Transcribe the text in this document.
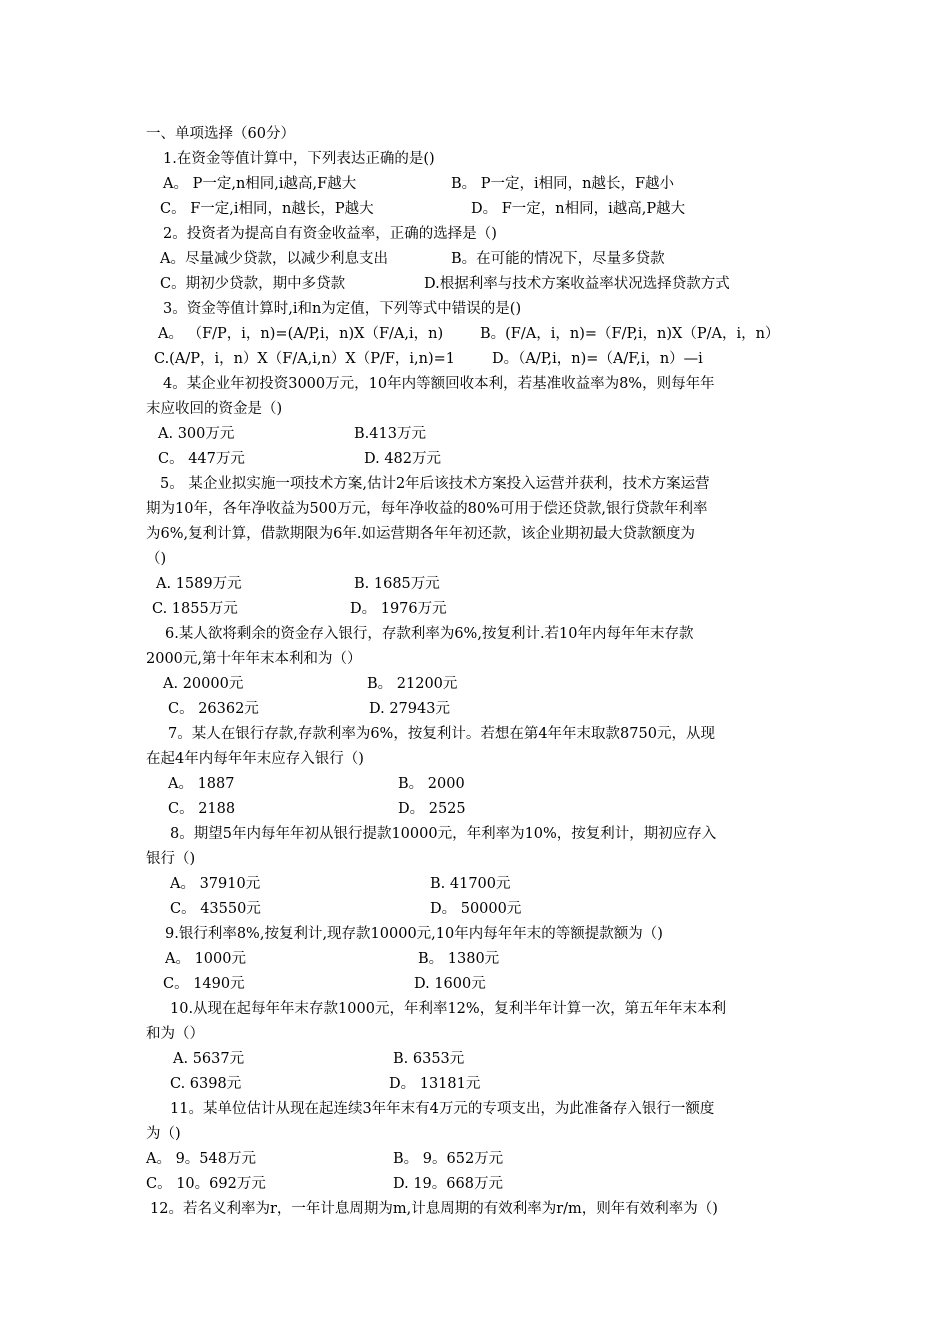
一、单项选择（60分）
1.在资金等值计算中，下列表达正确的是()
A。 P一定,n相同,i越高,F越大	B。 P一定，i相同，n越长，F越小
C。 F一定,i相同，n越长，P越大	D。 F一定，n相同，i越高,P越大
2。投资者为提高自有资金收益率，正确的选择是（)
A。尽量减少贷款，以减少利息支出	B。在可能的情况下，尽量多贷款
C。期初少贷款，期中多贷款	D.根据利率与技术方案收益率状况选择贷款方式
3。资金等值计算时,i和n为定值，下列等式中错误的是()
A。 （F/P，i，n)=(A/P,i，n)X（F/A,i，n)	B。(F/A，i，n)=（F/P,i，n)X（P/A，i，n）
C.(A/P，i，n）X（F/A,i,n）X（P/F，i,n)=1	D。（A/P,i，n)=（A/F,i，n）—i
4。某企业年初投资3000万元，10年内等额回收本利，若基准收益率为8%，则每年年
末应收回的资金是（)
A. 300万元	B.413万元
C。 447万元	D. 482万元
5。 某企业拟实施一项技术方案,估计2年后该技术方案投入运营并获利，技术方案运营
期为10年，各年净收益为500万元，每年净收益的80%可用于偿还贷款,银行贷款年利率
为6%,复利计算，借款期限为6年.如运营期各年年初还款，该企业期初最大贷款额度为
（)
A. 1589万元	B. 1685万元
C. 1855万元	D。 1976万元
6.某人欲将剩余的资金存入银行，存款利率为6%,按复利计.若10年内每年年末存款
2000元,第十年年末本利和为（）
A. 20000元	B。 21200元
C。 26362元	D. 27943元
7。某人在银行存款,存款利率为6%，按复利计。若想在第4年年末取款8750元，从现
在起4年内每年年末应存入银行（)
A。 1887	B。 2000
C。 2188	D。 2525
8。期望5年内每年年初从银行提款10000元，年利率为10%，按复利计，期初应存入
银行（)
A。 37910元	B. 41700元
C。 43550元	D。 50000元
9.银行利率8%,按复利计,现存款10000元,10年内每年年末的等额提款额为（)
A。 1000元	B。 1380元
C。 1490元	D. 1600元
10.从现在起每年年末存款1000元，年利率12%，复利半年计算一次，第五年年末本利
和为（）
A. 5637元	B. 6353元
C. 6398元	D。 13181元
11。某单位估计从现在起连续3年年末有4万元的专项支出，为此准备存入银行一额度
为（)
A。 9。548万元	B。 9。652万元
C。 10。692万元	D. 19。668万元
12。若名义利率为r，一年计息周期为m,计息周期的有效利率为r/m，则年有效利率为（)
